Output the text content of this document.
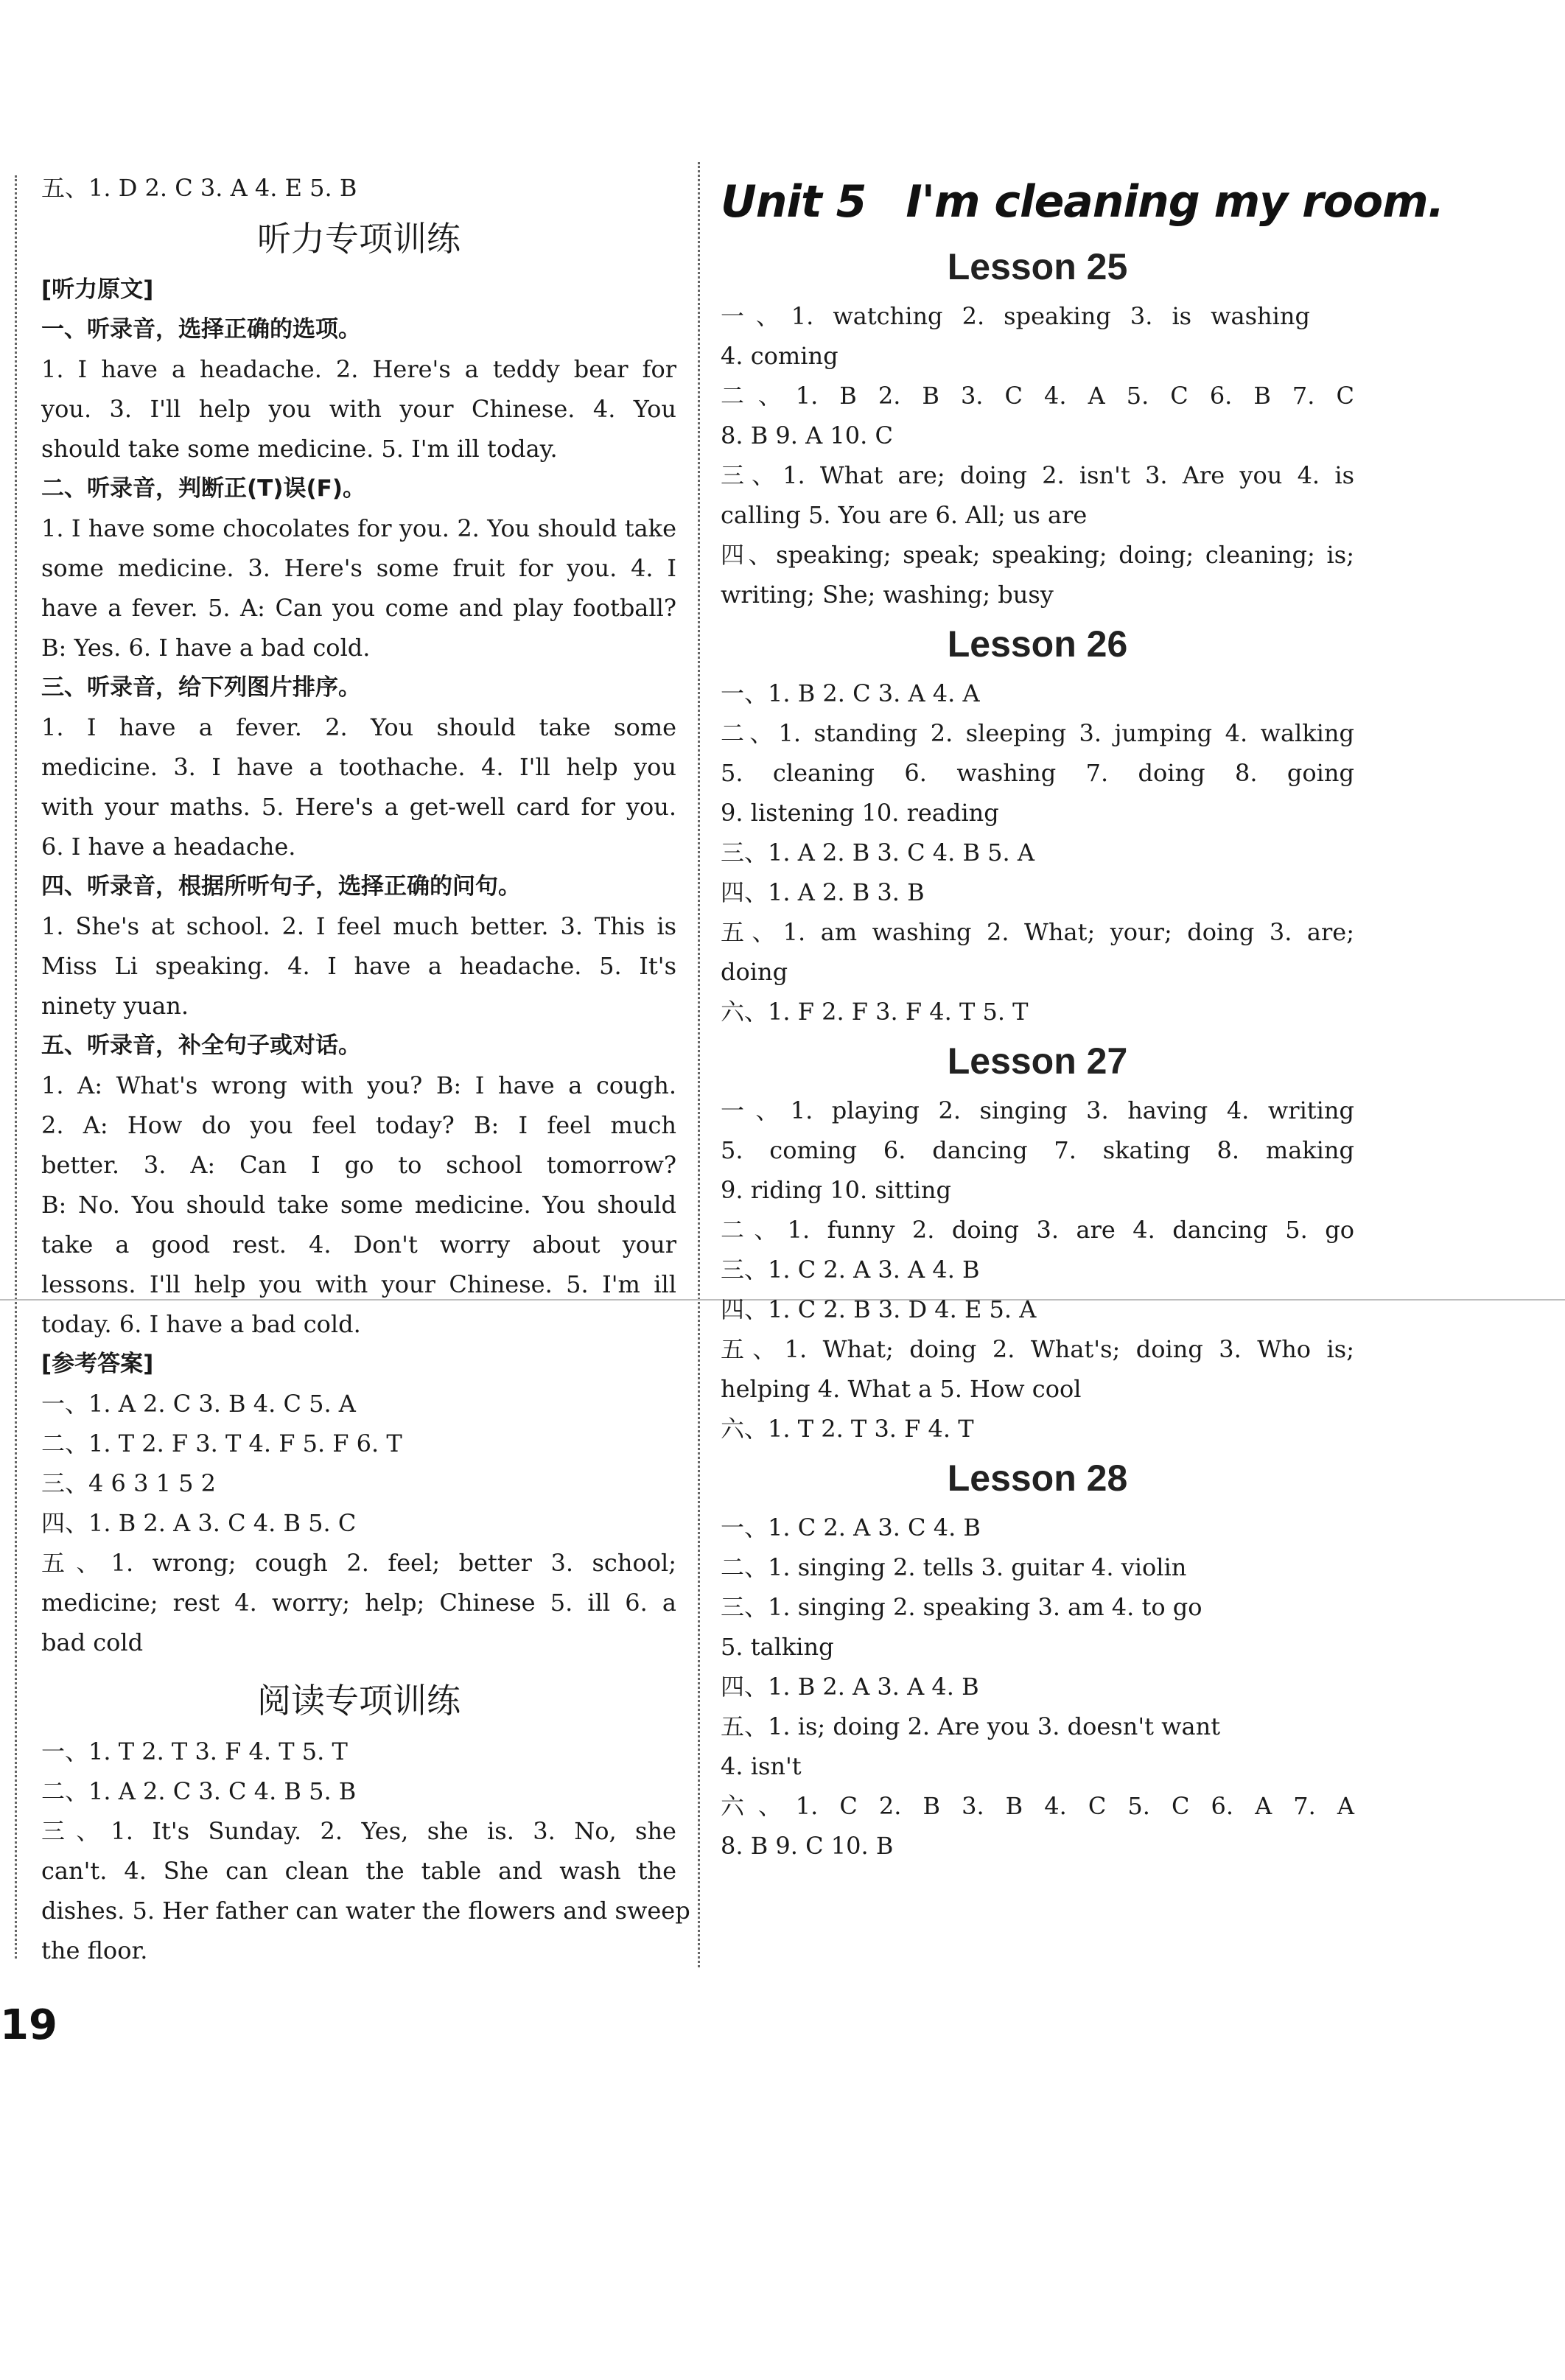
五、1. D 2. C 3. A 4. E 5. B
听力专项训练
[听力原文]
一、听录音，选择正确的选项。
1. I have a headache. 2. Here's a teddy bear for
you. 3. I'll help you with your Chinese. 4. You
should take some medicine. 5. I'm ill today.
二、听录音，判断正(T)误(F)。
1. I have some chocolates for you. 2. You should take
some medicine. 3. Here's some fruit for you. 4. I
have a fever. 5. A: Can you come and play football?
B: Yes. 6. I have a bad cold.
三、听录音，给下列图片排序。
1. I have a fever. 2. You should take some
medicine. 3. I have a toothache. 4. I'll help you
with your maths. 5. Here's a get-well card for you.
6. I have a headache.
四、听录音，根据所听句子，选择正确的问句。
1. She's at school. 2. I feel much better. 3. This is
Miss Li speaking. 4. I have a headache. 5. It's
ninety yuan.
五、听录音，补全句子或对话。
1. A: What's wrong with you? B: I have a cough.
2. A: How do you feel today? B: I feel much
better. 3. A: Can I go to school tomorrow?
B: No. You should take some medicine. You should
take a good rest. 4. Don't worry about your
lessons. I'll help you with your Chinese. 5. I'm ill
today. 6. I have a bad cold.
[参考答案]
一、1. A 2. C 3. B 4. C 5. A
二、1. T 2. F 3. T 4. F 5. F 6. T
三、4 6 3 1 5 2
四、1. B 2. A 3. C 4. B 5. C
五、1. wrong; cough 2. feel; better 3. school;
medicine; rest 4. worry; help; Chinese 5. ill 6. a
bad cold
阅读专项训练
一、1. T 2. T 3. F 4. T 5. T
二、1. A 2. C 3. C 4. B 5. B
三、1. It's Sunday. 2. Yes, she is. 3. No, she
can't. 4. She can clean the table and wash the
dishes. 5. Her father can water the flowers and sweep
the floor.
Unit 5 I'm cleaning my room.
Lesson 25
一、1. watching 2. speaking 3. is washing
4. coming
二、1. B 2. B 3. C 4. A 5. C 6. B 7. C
8. B 9. A 10. C
三、1. What are; doing 2. isn't 3. Are you 4. is
calling 5. You are 6. All; us are
四、speaking; speak; speaking; doing; cleaning; is;
writing; She; washing; busy
Lesson 26
一、1. B 2. C 3. A 4. A
二、1. standing 2. sleeping 3. jumping 4. walking
5. cleaning 6. washing 7. doing 8. going
9. listening 10. reading
三、1. A 2. B 3. C 4. B 5. A
四、1. A 2. B 3. B
五、1. am washing 2. What; your; doing 3. are;
doing
六、1. F 2. F 3. F 4. T 5. T
Lesson 27
一、1. playing 2. singing 3. having 4. writing
5. coming 6. dancing 7. skating 8. making
9. riding 10. sitting
二、1. funny 2. doing 3. are 4. dancing 5. go
三、1. C 2. A 3. A 4. B
四、1. C 2. B 3. D 4. E 5. A
五、1. What; doing 2. What's; doing 3. Who is;
helping 4. What a 5. How cool
六、1. T 2. T 3. F 4. T
Lesson 28
一、1. C 2. A 3. C 4. B
二、1. singing 2. tells 3. guitar 4. violin
三、1. singing 2. speaking 3. am 4. to go
5. talking
四、1. B 2. A 3. A 4. B
五、1. is; doing 2. Are you 3. doesn't want
4. isn't
六、1. C 2. B 3. B 4. C 5. C 6. A 7. A
8. B 9. C 10. B
19
